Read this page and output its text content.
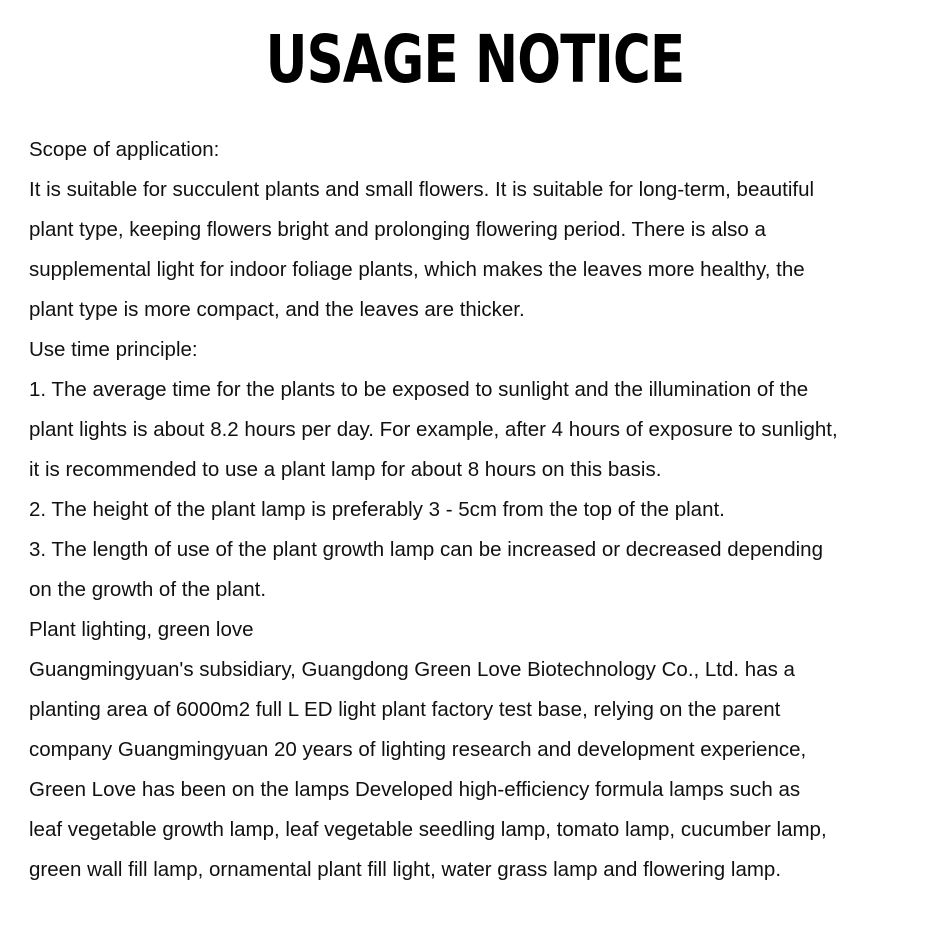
USAGE NOTICE
Scope of application:
It is suitable for succulent plants and small flowers. It is suitable for long-term, beautiful
plant type, keeping flowers bright and prolonging flowering period. There is also a
supplemental light for indoor foliage plants, which makes the leaves more healthy, the
plant type is more compact, and the leaves are thicker.
Use time principle:
1. The average time for the plants to be exposed to sunlight and the illumination of the
plant lights is about 8.2 hours per day. For example, after 4 hours of exposure to sunlight,
it is recommended to use a plant lamp for about 8 hours on this basis.
2. The height of the plant lamp is preferably 3 - 5cm from the top of the plant.
3. The length of use of the plant growth lamp can be increased or decreased depending
on the growth of the plant.
Plant lighting, green love
Guangmingyuan's subsidiary, Guangdong Green Love Biotechnology Co., Ltd. has a
planting area of 6000m2 full L ED light plant factory test base, relying on the parent
company Guangmingyuan 20 years of lighting research and development experience,
Green Love has been on the lamps Developed high-efficiency formula lamps such as
leaf vegetable growth lamp, leaf vegetable seedling lamp, tomato lamp, cucumber lamp,
green wall fill lamp, ornamental plant fill light, water grass lamp and flowering lamp.
